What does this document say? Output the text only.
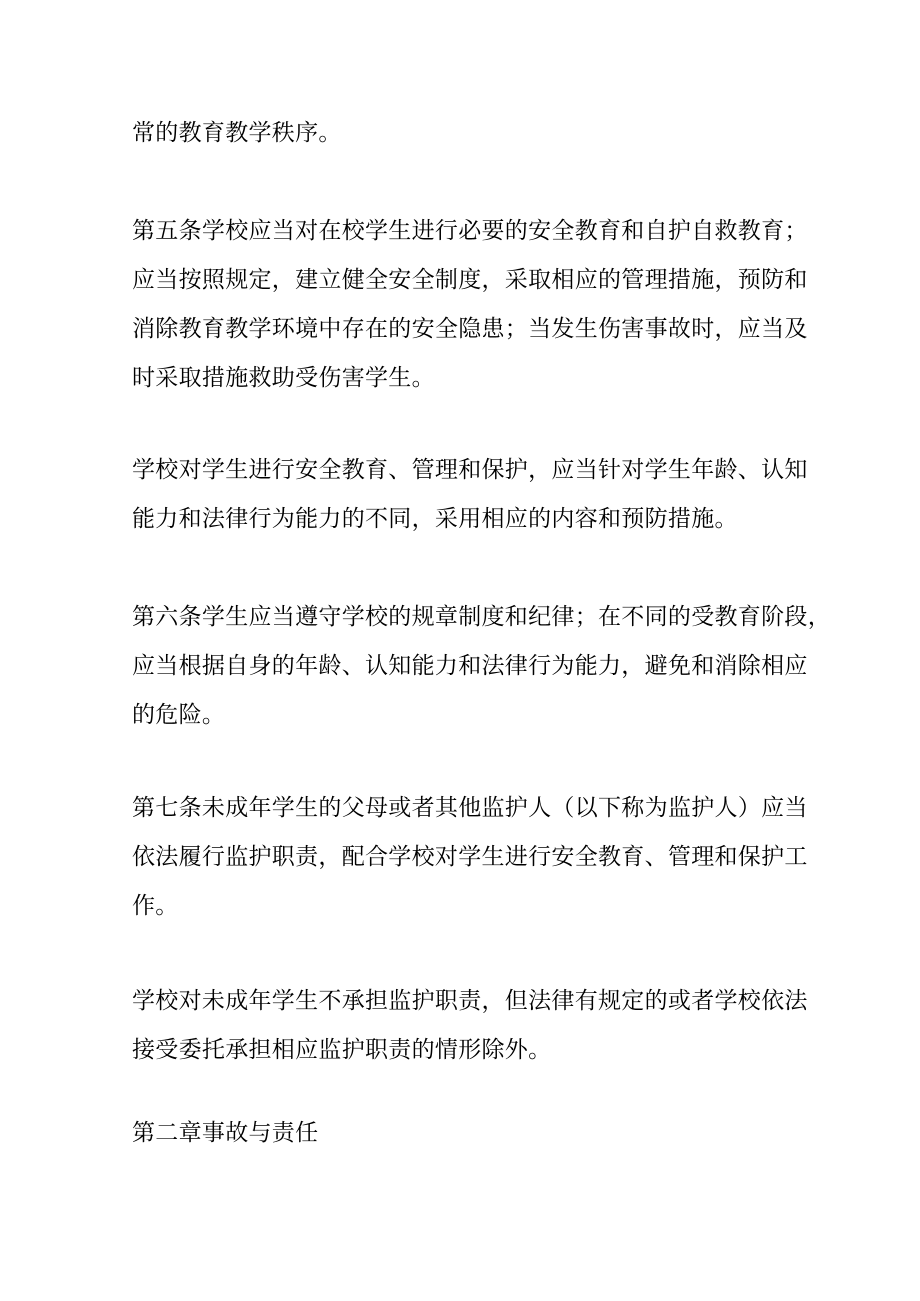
常的教育教学秩序。

第五条学校应当对在校学生进行必要的安全教育和自护自救教育；
应当按照规定，建立健全安全制度，采取相应的管理措施，预防和
消除教育教学环境中存在的安全隐患；当发生伤害事故时，应当及
时采取措施救助受伤害学生。

学校对学生进行安全教育、管理和保护，应当针对学生年龄、认知
能力和法律行为能力的不同，采用相应的内容和预防措施。

第六条学生应当遵守学校的规章制度和纪律；在不同的受教育阶段，
应当根据自身的年龄、认知能力和法律行为能力，避免和消除相应
的危险。

第七条未成年学生的父母或者其他监护人（以下称为监护人）应当
依法履行监护职责，配合学校对学生进行安全教育、管理和保护工
作。

学校对未成年学生不承担监护职责，但法律有规定的或者学校依法
接受委托承担相应监护职责的情形除外。

第二章事故与责任
